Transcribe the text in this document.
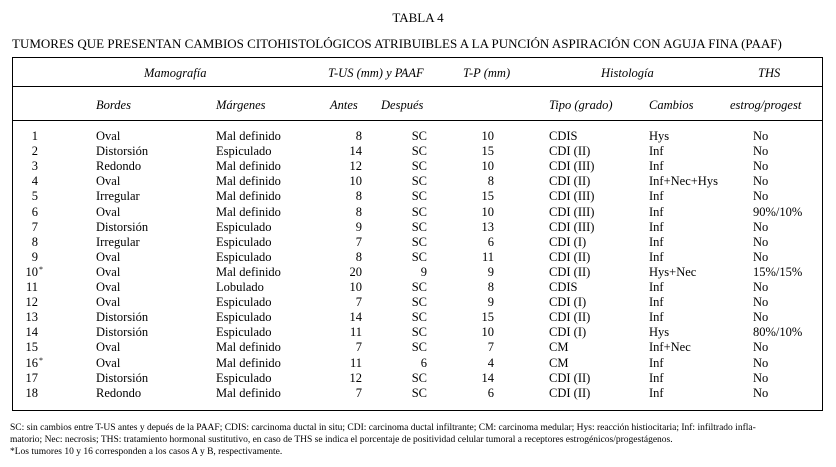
TABLA 4
TUMORES QUE PRESENTAN CAMBIOS CITOHISTOLÓGICOS ATRIBUIBLES A LA PUNCIÓN ASPIRACIÓN CON AGUJA FINA (PAAF)
Mamografía	T-US (mm) y PAAF	T-P (mm)	Histología	THS
Bordes	Márgenes	Antes Después	Tipo (grado)	Cambios	estrog/progest
1	Oval	Mal definido	8	SC	10	CDIS	Hys	No
2	Distorsión	Espiculado	14	SC	15	CDI (II)	Inf	No
3	Redondo	Mal definido	12	SC	10	CDI (III)	Inf	No
4	Oval	Mal definido	10	SC	8	CDI (II)	Inf+Nec+Hys	No
5	Irregular	Mal definido	8	SC	15	CDI (III)	Inf	No
6	Oval	Mal definido	8	SC	10	CDI (III)	Inf	90%/10%
7	Distorsión	Espiculado	9	SC	13	CDI (III)	Inf	No
8	Irregular	Espiculado	7	SC	6	CDI (I)	Inf	No
9	Oval	Espiculado	8	SC	11	CDI (II)	Inf	No
10 *	Oval	Mal definido	20	9	9	CDI (II)	Hys+Nec	15%/15%
11	Oval	Lobulado	10	SC	8	CDIS	Inf	No
12	Oval	Espiculado	7	SC	9	CDI (I)	Inf	No
13	Distorsión	Espiculado	14	SC	15	CDI (II)	Inf	No
14	Distorsión	Espiculado	11	SC	10	CDI (I)	Hys	80%/10%
15	Oval	Mal definido	7	SC	7	CM	Inf+Nec	No
16 *	Oval	Mal definido	11	6	4	CM	Inf	No
17	Distorsión	Espiculado	12	SC	14	CDI (II)	Inf	No
18	Redondo	Mal definido	7	SC	6	CDI (II)	Inf	No
SC: sin cambios entre T-US antes y depués de la PAAF; CDIS: carcinoma ductal in situ; CDI: carcinoma ductal infiltrante; CM: carcinoma medular; Hys: reacción histiocitaria; Inf: infiltrado infla-
matorio; Nec: necrosis; THS: tratamiento hormonal sustitutivo, en caso de THS se indica el porcentaje de positividad celular tumoral a receptores estrogénicos/progestágenos.
*Los tumores 10 y 16 corresponden a los casos A y B, respectivamente.
